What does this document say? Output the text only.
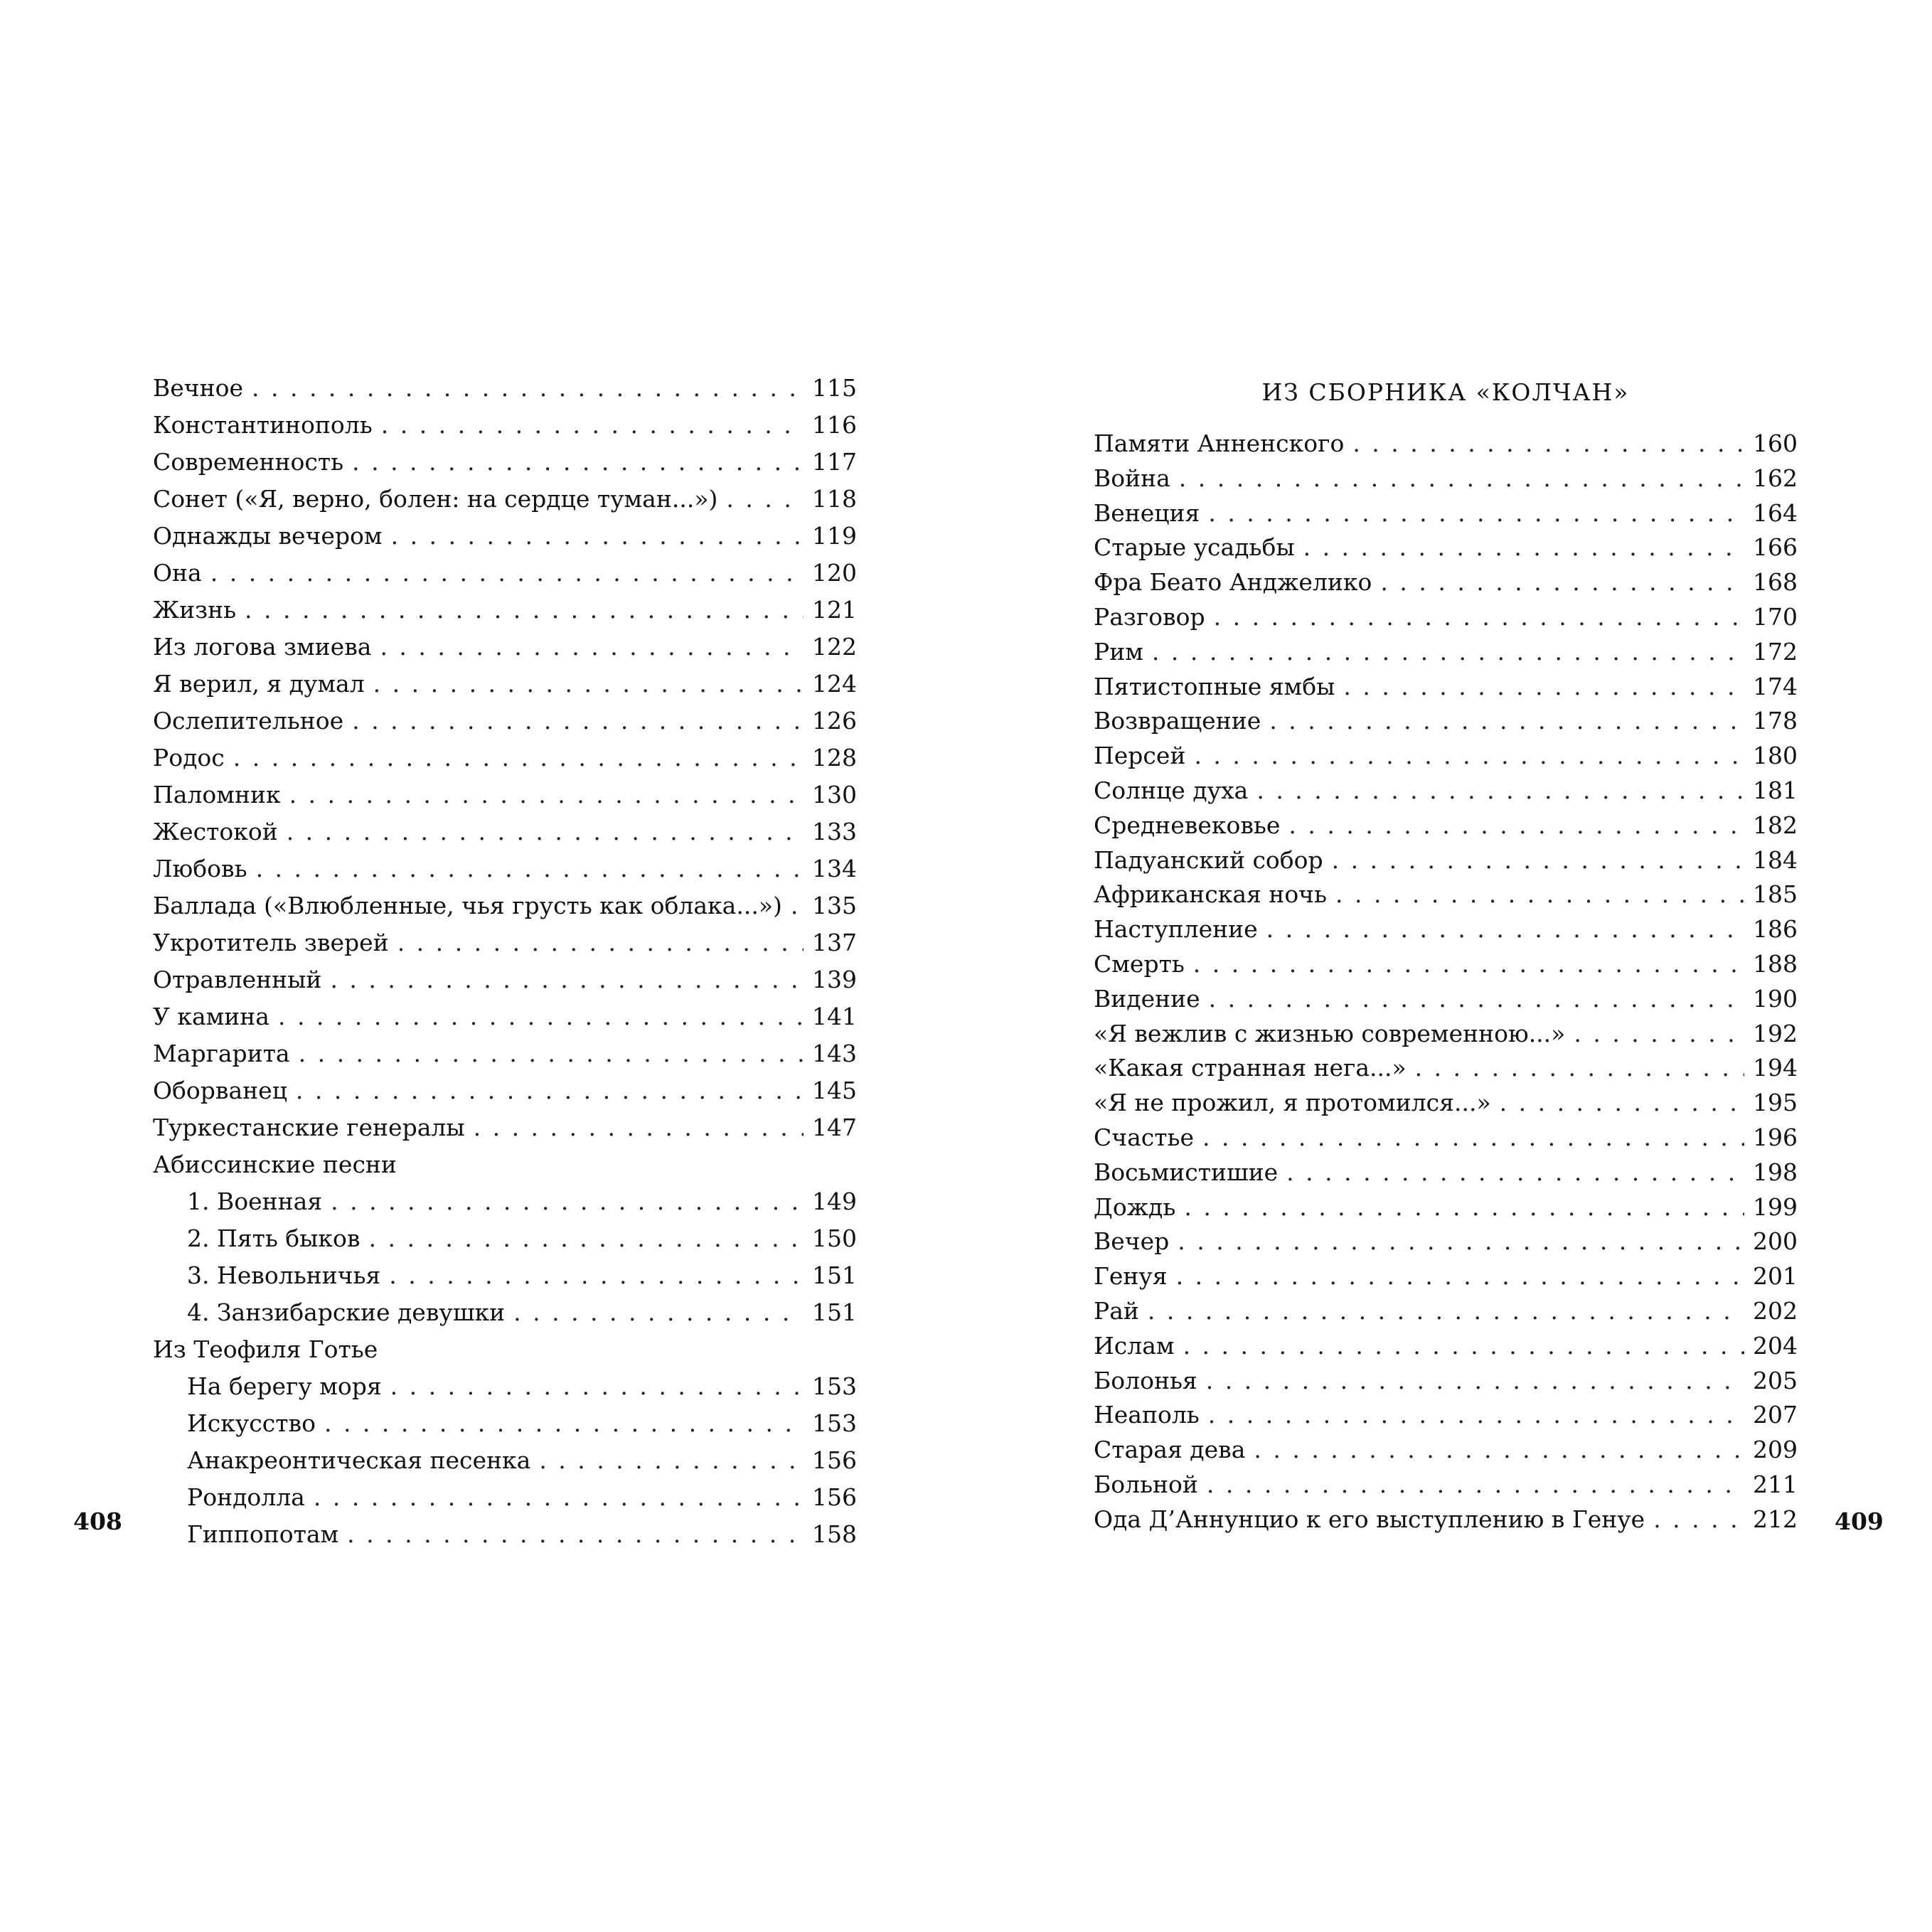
Вечное . . .	115
Константинополь . . .	116
Современность . . .	117
Сонет («Я, верно, болен: на сердце туман...») . . .	118
Однажды вечером . . .	119
Она . . .	120
Жизнь . . .	121
Из логова змиева . . .	122
Я верил, я думал . . .	124
Ослепительное . . .	126
Родос . . .	128
Паломник . . .	130
Жестокой . . .	133
Любовь . . .	134
Баллада («Влюбленные, чья грусть как облака...») . . . 135
Укротитель зверей . . .	137
Отравленный . . .	139
У камина . . .	141
Маргарита . . .	143
Оборванец . . .	145
Туркестанские генералы . . .	147
Абиссинские песни
1. Военная . . .	149
2. Пять быков . . .	150
3. Невольничья . . .	151
4. Занзибарские девушки . . .	151
Из Теофиля Готье
На берегу моря . . .	153
Искусство . . .	153
Анакреонтическая песенка . . .	156
Рондолла . . .	156
Гиппопотам . . .	158
408
ИЗ СБОРНИКА «КОЛЧАН»
Памяти Анненского . . .	160
Война . . .	162
Венеция . . .	164
Старые усадьбы . . .	166
Фра Беато Анджелико . . .	168
Разговор . . .	170
Рим . . .	172
Пятистопные ямбы . . .	174
Возвращение . . .	178
Персей . . .	180
Солнце духа . . .	181
Средневековье . . .	182
Падуанский собор . . .	184
Африканская ночь . . .	185
Наступление . . .	186
Смерть . . .	188
Видение . . .	190
«Я вежлив с жизнью современною...» . . .	192
«Какая странная нега...» . . .	194
«Я не прожил, я протомился...» . . .	195
Счастье . . .	196
Восьмистишие . . .	198
Дождь . . .	199
Вечер . . .	200
Генуя . . .	201
Рай . . .	202
Ислам . . .	204
Болонья . . .	205
Неаполь . . .	207
Старая дева . . .	209
Больной . . .	211
Ода Д’Аннунцио к его выступлению в Генуе . . .	212 409
